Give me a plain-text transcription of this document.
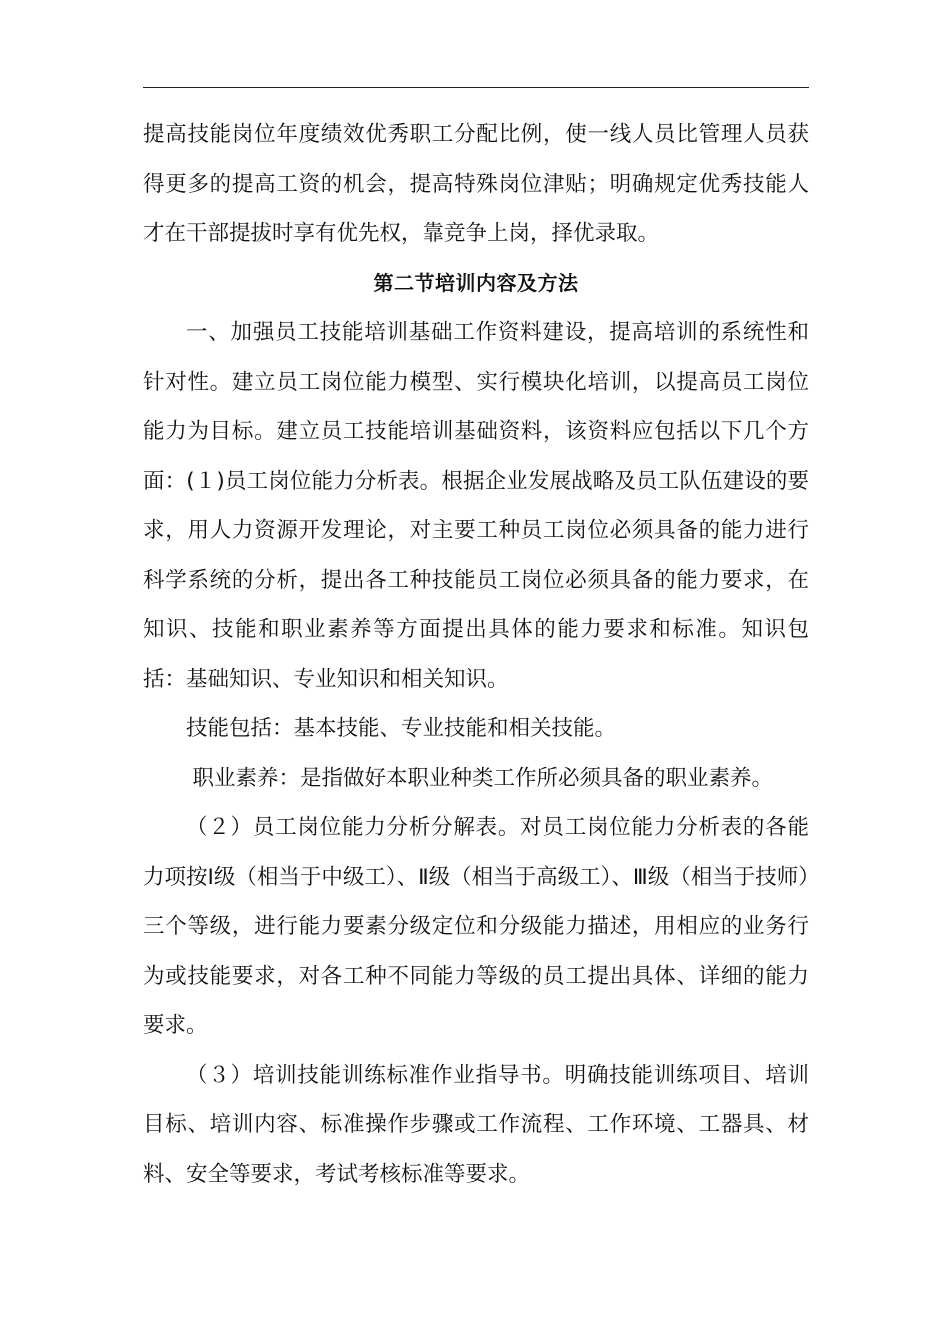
提高技能岗位年度绩效优秀职工分配比例，使一线人员比管理人员获得更多的提高工资的机会，提高特殊岗位津贴；明确规定优秀技能人才在干部提拔时享有优先权，靠竞争上岗，择优录取。

第二节培训内容及方法

一、加强员工技能培训基础工作资料建设，提高培训的系统性和针对性。建立员工岗位能力模型、实行模块化培训，以提高员工岗位能力为目标。建立员工技能培训基础资料，该资料应包括以下几个方面：(１)员工岗位能力分析表。根据企业发展战略及员工队伍建设的要求，用人力资源开发理论，对主要工种员工岗位必须具备的能力进行科学系统的分析，提出各工种技能员工岗位必须具备的能力要求，在知识、技能和职业素养等方面提出具体的能力要求和标准。知识包括：基础知识、专业知识和相关知识。

技能包括：基本技能、专业技能和相关技能。

职业素养：是指做好本职业种类工作所必须具备的职业素养。

（２）员工岗位能力分析分解表。对员工岗位能力分析表的各能力项按Ⅰ级（相当于中级工）、Ⅱ级（相当于高级工）、Ⅲ级（相当于技师）三个等级，进行能力要素分级定位和分级能力描述，用相应的业务行为或技能要求，对各工种不同能力等级的员工提出具体、详细的能力要求。

（３）培训技能训练标准作业指导书。明确技能训练项目、培训目标、培训内容、标准操作步骤或工作流程、工作环境、工器具、材料、安全等要求，考试考核标准等要求。
